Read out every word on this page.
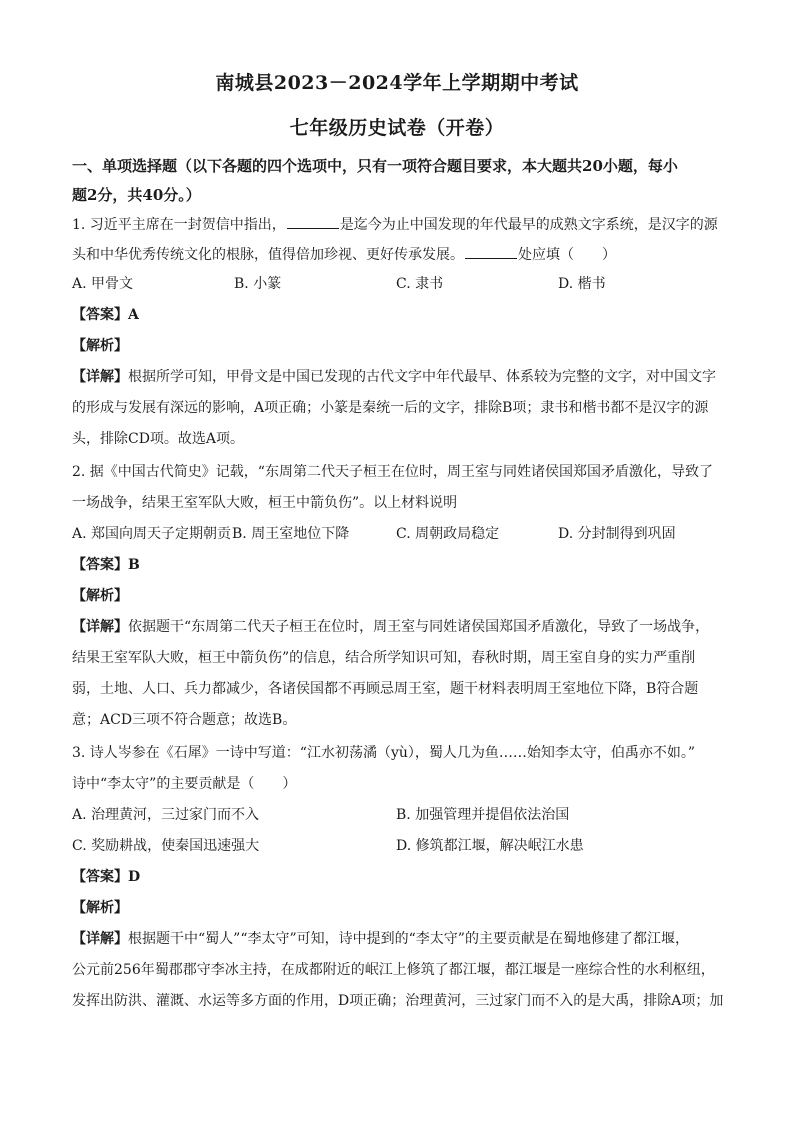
南城县2023－2024学年上学期期中考试
七年级历史试卷（开卷）
一、单项选择题（以下各题的四个选项中，只有一项符合题目要求，本大题共20小题，每小
题2分，共40分。）
1. 习近平主席在一封贺信中指出，	是迄今为止中国发现的年代最早的成熟文字系统，是汉字的源
头和中华优秀传统文化的根脉，值得倍加珍视、更好传承发展。	处应填（　　）
A. 甲骨文	B. 小篆	C. 隶书	D. 楷书
【答案】A
【解析】
【详解】根据所学可知，甲骨文是中国已发现的古代文字中年代最早、体系较为完整的文字，对中国文字
的形成与发展有深远的影响，A项正确；小篆是秦统一后的文字，排除B项；隶书和楷书都不是汉字的源
头，排除CD项。故选A项。
2. 据《中国古代简史》记载，“东周第二代天子桓王在位时，周王室与同姓诸侯国郑国矛盾激化，导致了
一场战争，结果王室军队大败，桓王中箭负伤”。以上材料说明
A. 郑国向周天子定期朝贡 B. 周王室地位下降	C. 周朝政局稳定	D. 分封制得到巩固
【答案】B
【解析】
【详解】依据题干“东周第二代天子桓王在位时，周王室与同姓诸侯国郑国矛盾激化，导致了一场战争，
结果王室军队大败，桓王中箭负伤”的信息，结合所学知识可知，春秋时期，周王室自身的实力严重削
弱，土地、人口、兵力都减少，各诸侯国都不再顾忌周王室，题干材料表明周王室地位下降，B符合题
意；ACD三项不符合题意；故选B。
3. 诗人岑参在《石犀》一诗中写道：“江水初荡潏（yù），蜀人几为鱼……始知李太守，伯禹亦不如。”
诗中“李太守”的主要贡献是（　　）
A. 治理黄河，三过家门而不入	B. 加强管理并提倡依法治国
C. 奖励耕战，使秦国迅速强大	D. 修筑都江堰，解决岷江水患
【答案】D
【解析】
【详解】根据题干中“蜀人”“李太守”可知，诗中提到的“李太守”的主要贡献是在蜀地修建了都江堰，
公元前256年蜀郡郡守李冰主持，在成都附近的岷江上修筑了都江堰，都江堰是一座综合性的水利枢纽，
发挥出防洪、灌溉、水运等多方面的作用，D项正确；治理黄河，三过家门而不入的是大禹，排除A项；加
